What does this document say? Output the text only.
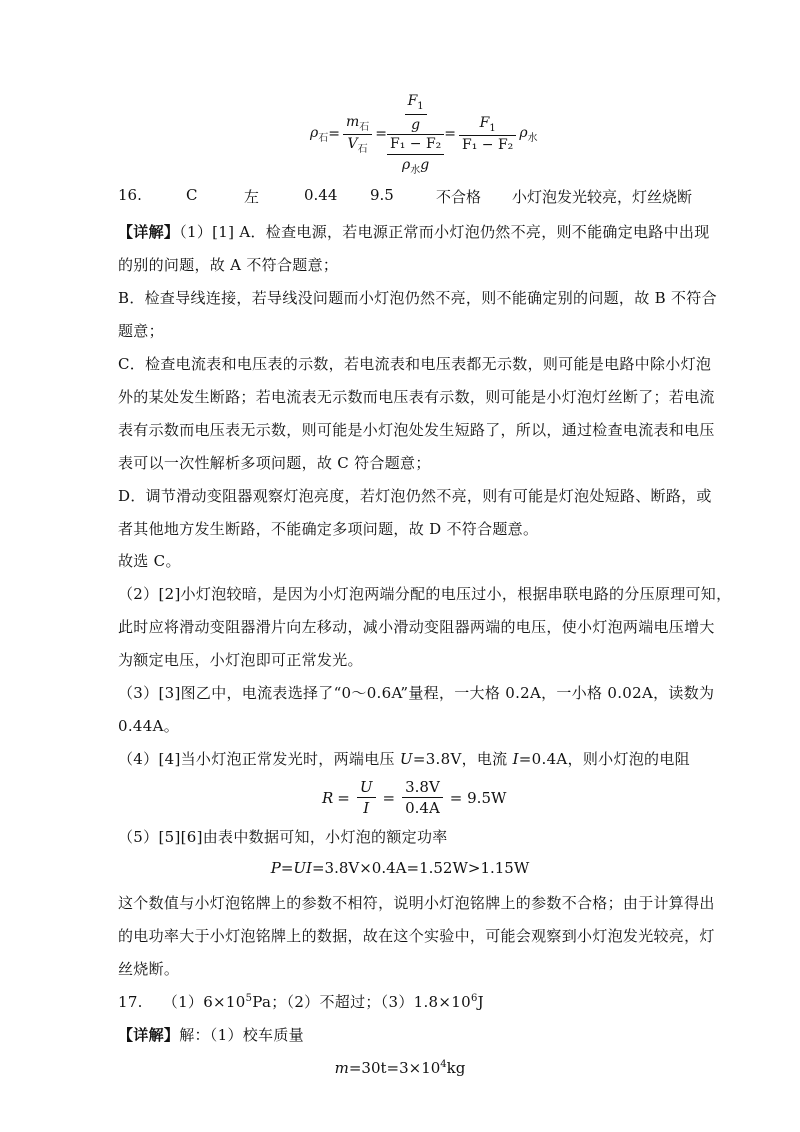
$\rho_石 = \frac{m_石}{V_石}$ =
$\frac{F_1}{g}$
$\frac{\text{F₁ − F₂}}{\rho_水g}$
= $\frac{F_1}{\text{F₁ − F₂}} \rho_水$
16.	C	左	0.44 9.5	不合格 小灯泡发光较亮，灯丝烧断
【详解】（1）[1] A．检查电源，若电源正常而小灯泡仍然不亮，则不能确定电路中出现
的别的问题，故 A 不符合题意；
B．检查导线连接，若导线没问题而小灯泡仍然不亮，则不能确定别的问题，故 B 不符合
题意；
C．检查电流表和电压表的示数，若电流表和电压表都无示数，则可能是电路中除小灯泡
外的某处发生断路；若电流表无示数而电压表有示数，则可能是小灯泡灯丝断了；若电流
表有示数而电压表无示数，则可能是小灯泡处发生短路了，所以，通过检查电流表和电压
表可以一次性解析多项问题，故 C 符合题意；
D．调节滑动变阻器观察灯泡亮度，若灯泡仍然不亮，则有可能是灯泡处短路、断路，或
者其他地方发生断路，不能确定多项问题，故 D 不符合题意。
故选 C。
（2）[2]小灯泡较暗，是因为小灯泡两端分配的电压过小，根据串联电路的分压原理可知，
此时应将滑动变阻器滑片向左移动，减小滑动变阻器两端的电压，使小灯泡两端电压增大
为额定电压，小灯泡即可正常发光。
（3）[3]图乙中，电流表选择了“0～0.6A”量程，一大格 0.2A，一小格 0.02A，读数为
0.44A。
（4）[4]当小灯泡正常发光时，两端电压 U=3.8V，电流 I=0.4A，则小灯泡的电阻
$R = \frac{U}{I} = \frac{3.8V}{0.4A} = 9.5W$
（5）[5][6]由表中数据可知，小灯泡的额定功率
P=UI=3.8V×0.4A=1.52W>1.15W
这个数值与小灯泡铭牌上的参数不相符，说明小灯泡铭牌上的参数不合格；由于计算得出
的电功率大于小灯泡铭牌上的数据，故在这个实验中，可能会观察到小灯泡发光较亮，灯
丝烧断。
17. $(1)6\times 10^5Pa$；（2）不超过；$(3)1.8\times 10^6J$
【详解】解：（1）校车质量
$m=30t=3\times 10^4kg$
